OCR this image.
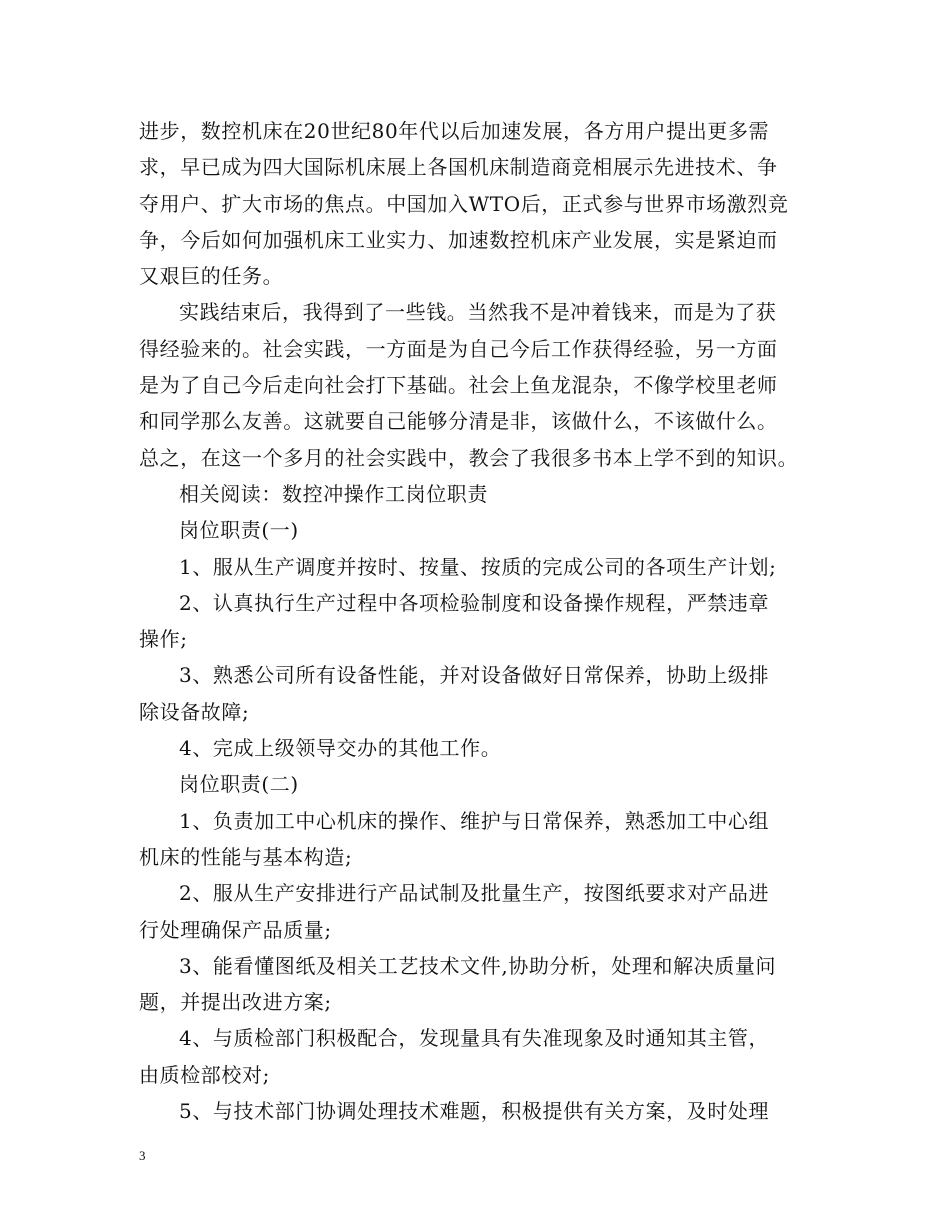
进步，数控机床在20世纪80年代以后加速发展，各方用户提出更多需
求，早已成为四大国际机床展上各国机床制造商竞相展示先进技术、争
夺用户、扩大市场的焦点。中国加入WTO后，正式参与世界市场激烈竞
争，今后如何加强机床工业实力、加速数控机床产业发展，实是紧迫而
又艰巨的任务。
实践结束后，我得到了一些钱。当然我不是冲着钱来，而是为了获
得经验来的。社会实践，一方面是为自己今后工作获得经验，另一方面
是为了自己今后走向社会打下基础。社会上鱼龙混杂，不像学校里老师
和同学那么友善。这就要自己能够分清是非，该做什么，不该做什么。
总之，在这一个多月的社会实践中，教会了我很多书本上学不到的知识。
相关阅读：数控冲操作工岗位职责
岗位职责(一)
1、服从生产调度并按时、按量、按质的完成公司的各项生产计划;
2、认真执行生产过程中各项检验制度和设备操作规程，严禁违章
操作;
3、熟悉公司所有设备性能，并对设备做好日常保养，协助上级排
除设备故障;
4、完成上级领导交办的其他工作。
岗位职责(二)
1、负责加工中心机床的操作、维护与日常保养，熟悉加工中心组
机床的性能与基本构造;
2、服从生产安排进行产品试制及批量生产，按图纸要求对产品进
行处理确保产品质量;
3、能看懂图纸及相关工艺技术文件,协助分析，处理和解决质量问
题，并提出改进方案;
4、与质检部门积极配合，发现量具有失准现象及时通知其主管，
由质检部校对;
5、与技术部门协调处理技术难题，积极提供有关方案，及时处理
3
